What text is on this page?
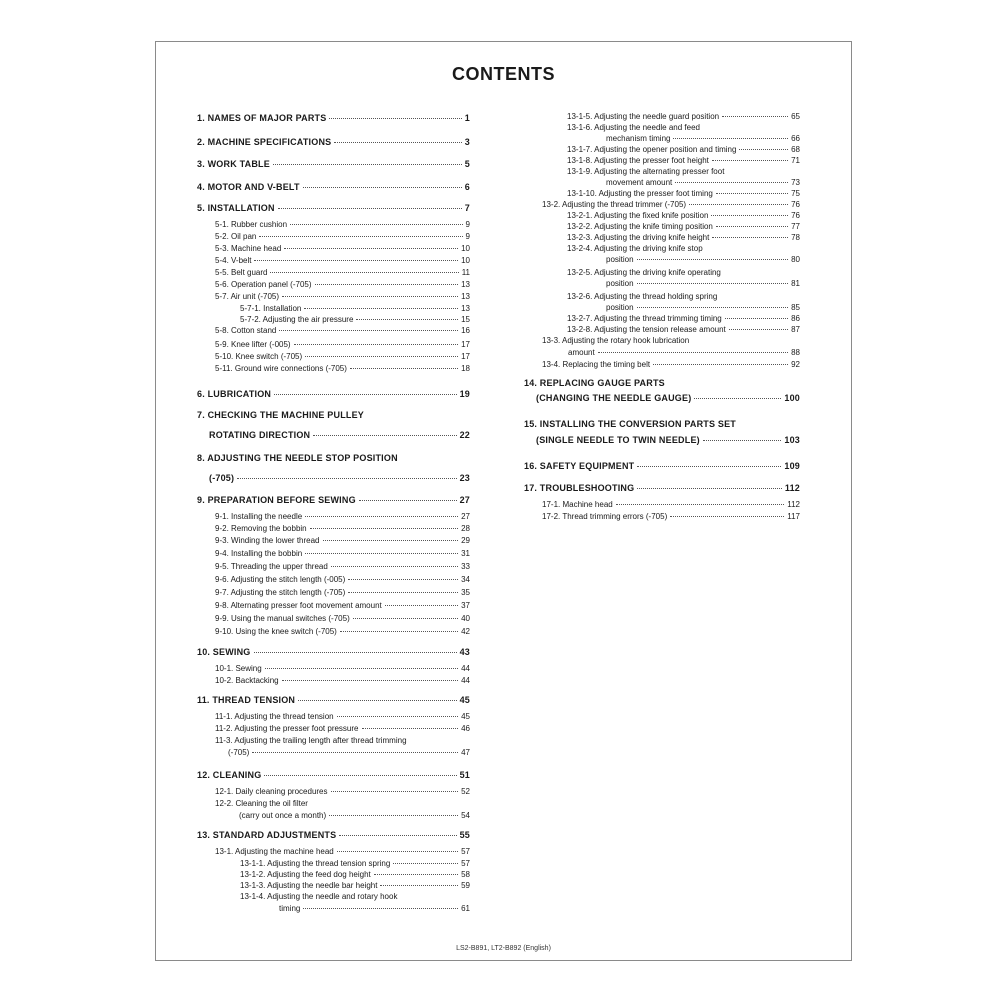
CONTENTS
1. NAMES OF MAJOR PARTS	1
2. MACHINE SPECIFICATIONS	3
3. WORK TABLE	5
4. MOTOR AND V-BELT	6
5. INSTALLATION	7
5-1. Rubber cushion	9
5-2. Oil pan	9
5-3. Machine head	10
5-4. V-belt	10
5-5. Belt guard	11
5-6. Operation panel (-705)	13
5-7. Air unit (-705)	13
5-7-1. Installation	13
5-7-2. Adjusting the air pressure	15
5-8. Cotton stand	16
5-9. Knee lifter (-005)	17
5-10. Knee switch (-705)	17
5-11. Ground wire connections (-705)	18
6. LUBRICATION	19
7. CHECKING THE MACHINE PULLEY
ROTATING DIRECTION	22
8. ADJUSTING THE NEEDLE STOP POSITION
(-705)	23
9. PREPARATION BEFORE SEWING	27
9-1. Installing the needle	27
9-2. Removing the bobbin	28
9-3. Winding the lower thread	29
9-4. Installing the bobbin	31
9-5. Threading the upper thread	33
9-6. Adjusting the stitch length (-005)	34
9-7. Adjusting the stitch length (-705)	35
9-8. Alternating presser foot movement amount	37
9-9. Using the manual switches (-705)	40
9-10. Using the knee switch (-705)	42
10. SEWING	43
10-1. Sewing	44
10-2. Backtacking	44
11. THREAD TENSION	45
11-1. Adjusting the thread tension	45
11-2. Adjusting the presser foot pressure	46
11-3. Adjusting the trailing length after thread trimming
(-705)	47
12. CLEANING	51
12-1. Daily cleaning procedures	52
12-2. Cleaning the oil filter
(carry out once a month)	54
13. STANDARD ADJUSTMENTS	55
13-1. Adjusting the machine head	57
13-1-1. Adjusting the thread tension spring	57
13-1-2. Adjusting the feed dog height	58
13-1-3. Adjusting the needle bar height	59
13-1-4. Adjusting the needle and rotary hook
timing	61
13-1-5. Adjusting the needle guard position	65
13-1-6. Adjusting the needle and feed
mechanism timing	66
13-1-7. Adjusting the opener position and timing	68
13-1-8. Adjusting the presser foot height	71
13-1-9. Adjusting the alternating presser foot
movement amount	73
13-1-10. Adjusting the presser foot timing	75
13-2. Adjusting the thread trimmer (-705)	76
13-2-1. Adjusting the fixed knife position	76
13-2-2. Adjusting the knife timing position	77
13-2-3. Adjusting the driving knife height	78
13-2-4. Adjusting the driving knife stop
position	80
13-2-5. Adjusting the driving knife operating
position	81
13-2-6. Adjusting the thread holding spring
position	85
13-2-7. Adjusting the thread trimming timing	86
13-2-8. Adjusting the tension release amount	87
13-3. Adjusting the rotary hook lubrication
amount	88
13-4. Replacing the timing belt	92
14. REPLACING GAUGE PARTS
(CHANGING THE NEEDLE GAUGE)	100
15. INSTALLING THE CONVERSION PARTS SET
(SINGLE NEEDLE TO TWIN NEEDLE)	103
16. SAFETY EQUIPMENT	109
17. TROUBLESHOOTING	112
17-1. Machine head	112
17-2. Thread trimming errors (-705)	117
LS2-B891, LT2-B892 (English)
